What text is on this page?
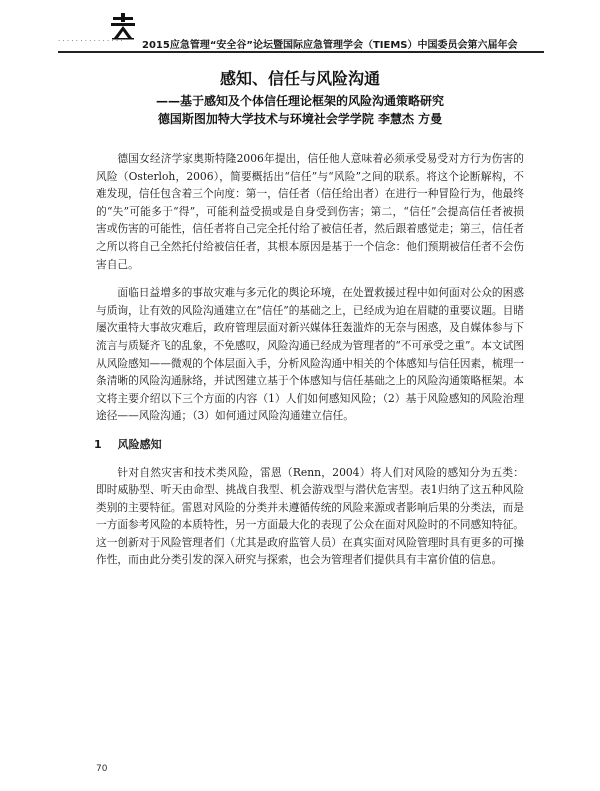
· · · · · · · · · · · · · · · 2015应急管理“安全谷”论坛暨国际应急管理学会（TIEMS）中国委员会第六届年会
感知、信任与风险沟通
——基于感知及个体信任理论框架的风险沟通策略研究
德国斯图加特大学技术与环境社会学学院 李慧杰 方曼

德国女经济学家奥斯特隆2006年提出，信任他人意味着必须承受易受对方行为伤害的风险（Osterloh，2006），简要概括出“信任”与“风险”之间的联系。将这个论断解构，不难发现，信任包含着三个向度：第一，信任者（信任给出者）在进行一种冒险行为，他最终的“失”可能多于“得”，可能利益受损或是自身受到伤害；第二，“信任”会提高信任者被损害或伤害的可能性，信任者将自己完全托付给了被信任者，然后跟着感觉走；第三，信任者之所以将自己全然托付给被信任者，其根本原因是基于一个信念：他们预期被信任者不会伤害自己。

面临日益增多的事故灾难与多元化的舆论环境，在处置救援过程中如何面对公众的困惑与质询，让有效的风险沟通建立在“信任”的基础之上，已经成为迫在眉睫的重要议题。目睹屡次重特大事故灾难后，政府管理层面对新兴媒体狂轰滥炸的无奈与困惑，及自媒体参与下流言与质疑齐飞的乱象，不免感叹，风险沟通已经成为管理者的“不可承受之重”。本文试图从风险感知——微观的个体层面入手，分析风险沟通中相关的个体感知与信任因素，梳理一条清晰的风险沟通脉络，并试图建立基于个体感知与信任基础之上的风险沟通策略框架。本文将主要介绍以下三个方面的内容（1）人们如何感知风险；（2）基于风险感知的风险治理途径——风险沟通；（3）如何通过风险沟通建立信任。

1 风险感知

针对自然灾害和技术类风险，雷恩（Renn，2004）将人们对风险的感知分为五类：即时威胁型、听天由命型、挑战自我型、机会游戏型与潜伏危害型。表1归纳了这五种风险类别的主要特征。雷恩对风险的分类并未遵循传统的风险来源或者影响后果的分类法，而是一方面参考风险的本质特性，另一方面最大化的表现了公众在面对风险时的不同感知特征。这一创新对于风险管理者们（尤其是政府监管人员）在真实面对风险管理时具有更多的可操作性，而由此分类引发的深入研究与探索，也会为管理者们提供具有丰富价值的信息。

70
